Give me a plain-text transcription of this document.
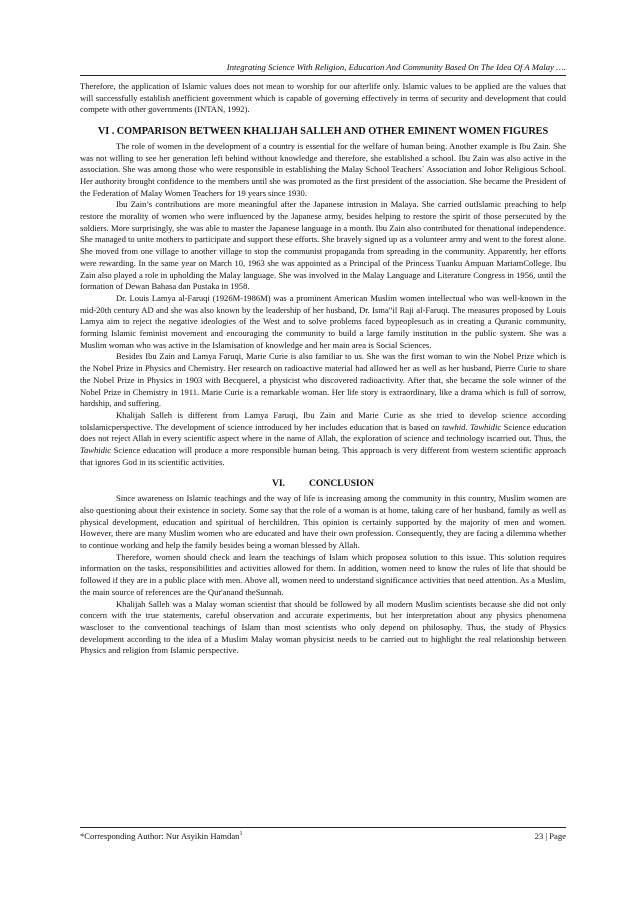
Integrating Science With Religion, Education And Community Based On The Idea Of A Malay ….

Therefore, the application of Islamic values does not mean to worship for our afterlife only. Islamic values to be applied are the values that will successfully establish anefficient government which is capable of governing effectively in terms of security and development that could compete with other governments (INTAN, 1992).

VI . COMPARISON BETWEEN KHALIJAH SALLEH AND OTHER EMINENT WOMEN FIGURES

The role of women in the development of a country is essential for the welfare of human being. Another example is Ibu Zain. She was not willing to see her generation left behind without knowledge and therefore, she established a school. Ibu Zain was also active in the association. She was among those who were responsible in establishing the Malay School Teachers´ Association and Johor Religious School. Her authority brought confidence to the members until she was promoted as the first president of the association. She became the President of the Federation of Malay Women Teachers for 19 years since 1930.

Ibu Zain’s contributions are more meaningful after the Japanese intrusion in Malaya. She carried outIslamic preaching to help restore the morality of women who were influenced by the Japanese army, besides helping to restore the spirit of those persecuted by the soldiers. More surprisingly, she was able to master the Japanese language in a month. Ibu Zain also contributed for thenational independence. She managed to unite mothers to participate and support these efforts. She bravely signed up as a volunteer army and went to the forest alone. She moved from one village to another village to stop the communist propaganda from spreading in the community. Apparently, her efforts were rewarding. In the same year on March 10, 1963 she was appointed as a Principal of the Princess Tuanku Ampuan MariamCollege. Ibu Zain also played a role in upholding the Malay language. She was involved in the Malay Language and Literature Congress in 1956, until the formation of Dewan Bahasa dan Pustaka in 1958.

Dr. Louis Lamya al-Faruqi (1926M-1986M) was a prominent American Muslim women intellectual who was well-known in the mid-20th century AD and she was also known by the leadership of her husband, Dr. Isma‟il Raji al-Faruqi. The measures proposed by Louis Lamya aim to reject the negative ideologies of the West and to solve problems faced bypeoplesuch as in creating a Quranic community, forming Islamic feminist movement and encouraging the community to build a large family institution in the public system. She was a Muslim woman who was active in the Islamisation of knowledge and her main area is Social Sciences.

Besides Ibu Zain and Lamya Faruqi, Marie Curie is also familiar to us. She was the first woman to win the Nobel Prize which is the Nobel Prize in Physics and Chemistry. Her research on radioactive material had allowed her as well as her husband, Pierre Curie to share the Nobel Prize in Physics in 1903 with Becquerel, a physicist who discovered radioactivity. After that, she became the sole winner of the Nobel Prize in Chemistry in 1911. Marie Curie is a remarkable woman. Her life story is extraordinary, like a drama which is full of sorrow, hardship, and suffering.

Khalijah Salleh is different from Lamya Faruqi, Ibu Zain and Marie Curie as she tried to develop science according toIslamicperspective. The development of science introduced by her includes education that is based on tawhid. Tawhidic Science education does not reject Allah in every scientific aspect where in the name of Allah, the exploration of science and technology iscarried out. Thus, the Tawhidic Science education will produce a more responsible human being. This approach is very different from western scientific approach that ignores God in its scientific activities.

VI.	CONCLUSION

Since awareness on Islamic teachings and the way of life is increasing among the community in this country, Muslim women are also questioning about their existence in society. Some say that the role of a woman is at home, taking care of her husband, family as well as physical development, education and spiritual of herchildren. This opinion is certainly supported by the majority of men and women. However, there are many Muslim women who are educated and have their own profession. Consequently, they are facing a dilemma whether to continue working and help the family besides being a woman blessed by Allah.

Therefore, women should check and learn the teachings of Islam which proposea solution to this issue. This solution requires information on the tasks, responsibilities and activities allowed for them. In addition, women need to know the rules of life that should be followed if they are in a public place with men. Above all, women need to understand significance activities that need attention. As a Muslim, the main source of references are the Qur'anand theSunnah.

Khalijah Salleh was a Malay woman scientist that should be followed by all modern Muslim scientists because she did not only concern with the true statements, careful observation and accurate experiments, but her interpretation about any physics phenomena wascloser to the conventional teachings of Islam than most scientists who only depend on philosophy. Thus, the study of Physics development according to the idea of a Muslim Malay woman physicist needs to be carried out to highlight the real relationship between Physics and religion from Islamic perspective.

*Corresponding Author: Nur Asyikin Hamdan$^1$	23 | Page
